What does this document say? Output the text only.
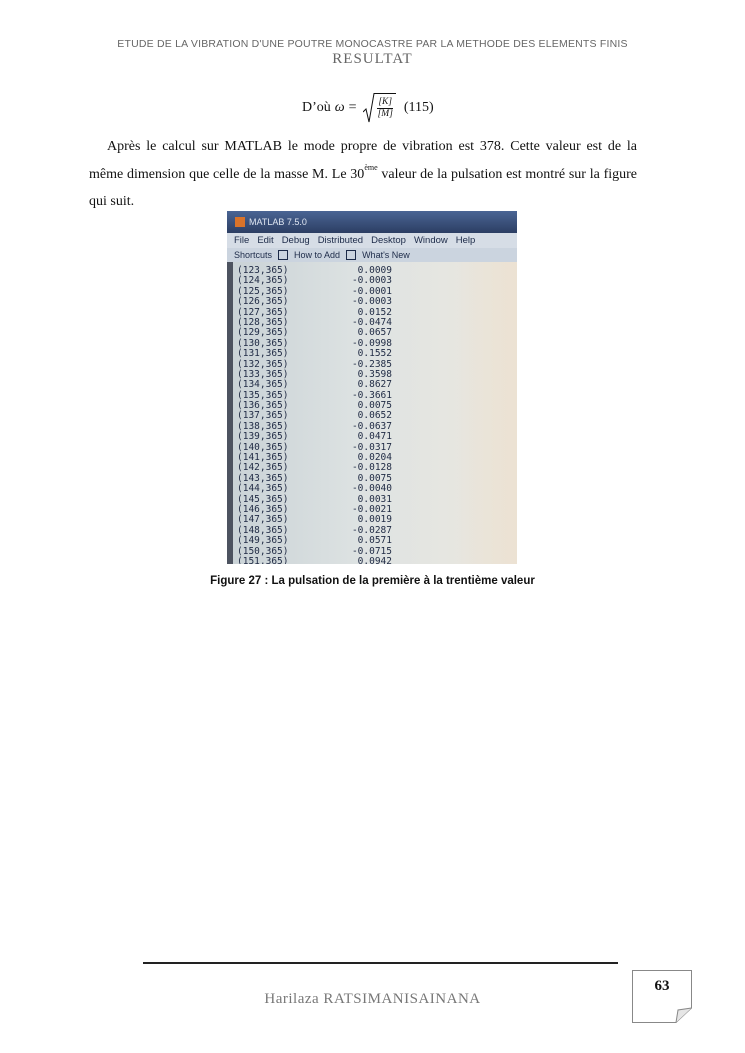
ETUDE DE LA VIBRATION D'UNE POUTRE MONOCASTRE PAR LA METHODE DES ELEMENTS FINIS
RESULTAT
D’où $\omega = \frac{[K]}{[M]} (115)$
Après le calcul sur MATLAB le mode propre de vibration est 378. Cette valeur est de la même dimension que celle de la masse M. Le 30ème valeur de la pulsation est montré sur la figure qui suit.
MATLAB 7.5.0
File Edit Debug Distributed Desktop Window Help
Shortcuts How to Add What's New
(123,365)	0.0009
(124,365)	-0.0003
(125,365)	-0.0001
(126,365)	-0.0003
(127,365)	0.0152
(128,365)	-0.0474
(129,365)	0.0657
(130,365)	-0.0998
(131,365)	0.1552
(132,365)	-0.2385
(133,365)	0.3598
(134,365)	0.8627
(135,365)	-0.3661
(136,365)	0.0075
(137,365)	0.0652
(138,365)	-0.0637
(139,365)	0.0471
(140,365)	-0.0317
(141,365)	0.0204
(142,365)	-0.0128
(143,365)	0.0075
(144,365)	-0.0040
(145,365)	0.0031
(146,365)	-0.0021
(147,365)	0.0019
(148,365)	-0.0287
(149,365)	0.0571
(150,365)	-0.0715
(151,365)	0.0942
Figure 27 : La pulsation de la première à la trentième valeur
Harilaza RATSIMANISAINANA
63
